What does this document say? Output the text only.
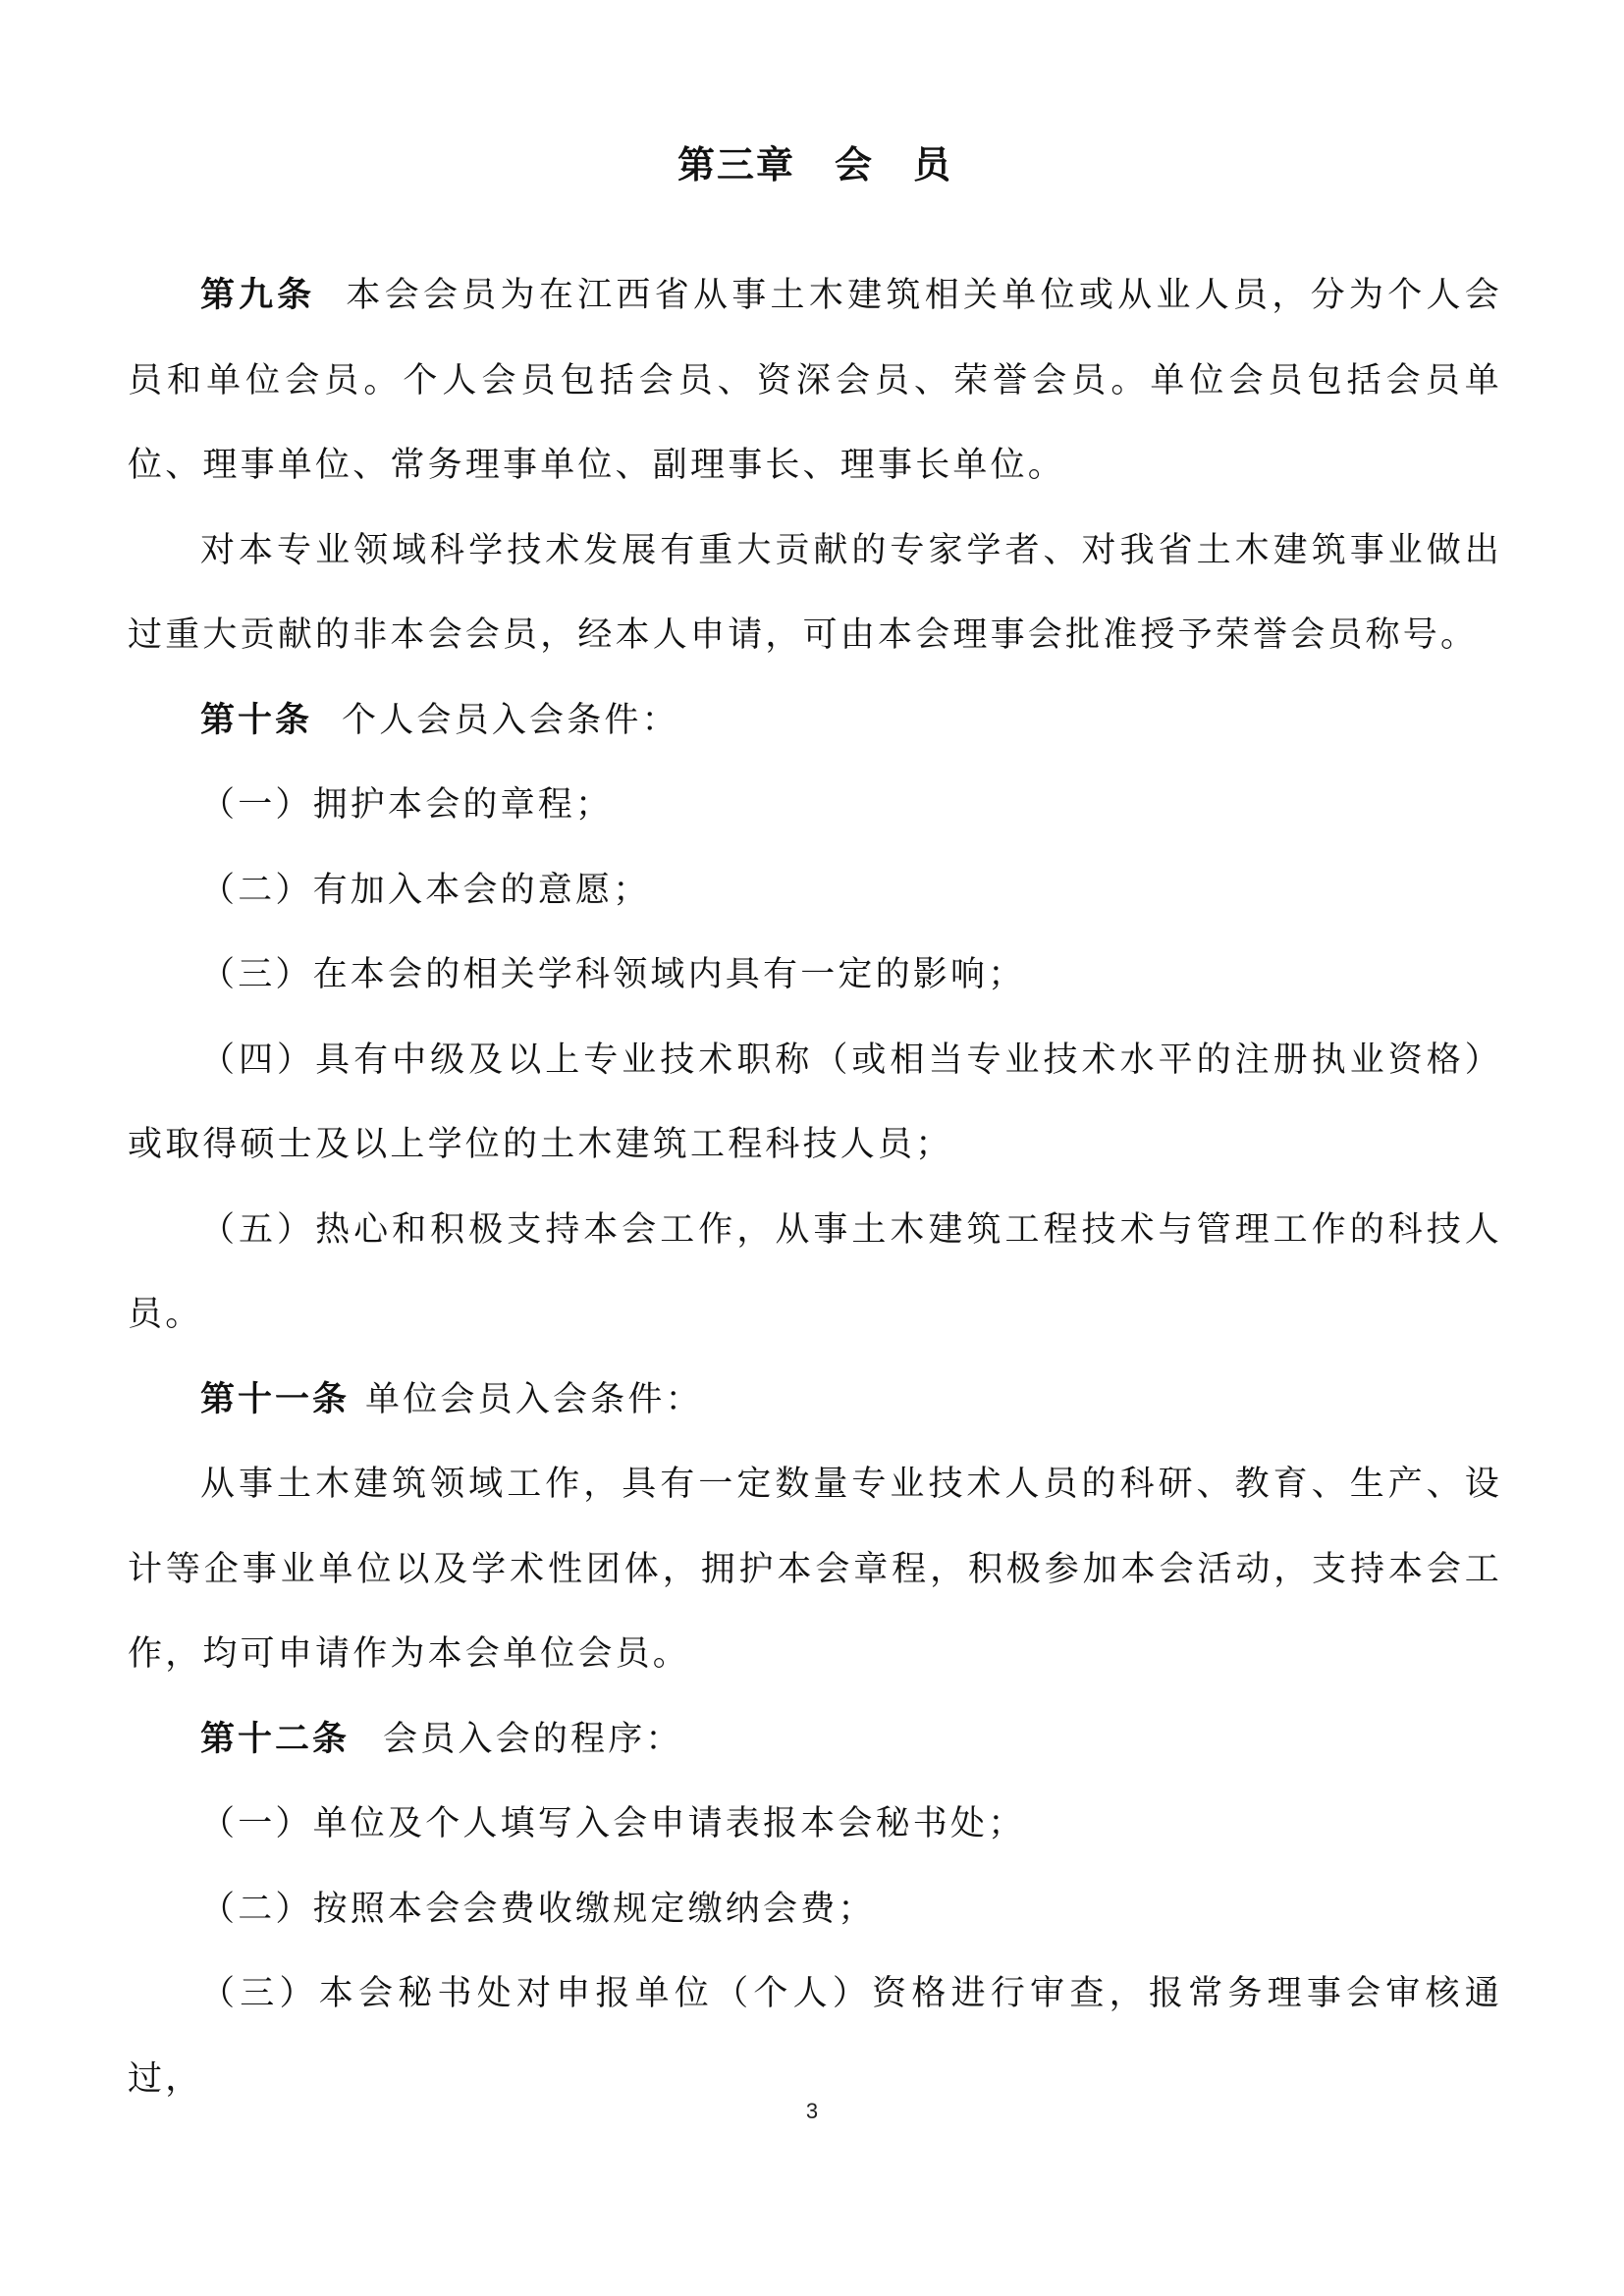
第三章 会 员

第九条 本会会员为在江西省从事土木建筑相关单位或从业人员，分为个人会员和单位会员。个人会员包括会员、资深会员、荣誉会员。单位会员包括会员单位、理事单位、常务理事单位、副理事长、理事长单位。

对本专业领域科学技术发展有重大贡献的专家学者、对我省土木建筑事业做出过重大贡献的非本会会员，经本人申请，可由本会理事会批准授予荣誉会员称号。

第十条 个人会员入会条件：

（一）拥护本会的章程；

（二）有加入本会的意愿；

（三）在本会的相关学科领域内具有一定的影响；

（四）具有中级及以上专业技术职称（或相当专业技术水平的注册执业资格）或取得硕士及以上学位的土木建筑工程科技人员；

（五）热心和积极支持本会工作，从事土木建筑工程技术与管理工作的科技人员。

第十一条 单位会员入会条件：

从事土木建筑领域工作，具有一定数量专业技术人员的科研、教育、生产、设计等企事业单位以及学术性团体，拥护本会章程，积极参加本会活动，支持本会工作，均可申请作为本会单位会员。

第十二条 会员入会的程序：

（一）单位及个人填写入会申请表报本会秘书处；

（二）按照本会会费收缴规定缴纳会费；

（三）本会秘书处对申报单位（个人）资格进行审查，报常务理事会审核通过，

3
